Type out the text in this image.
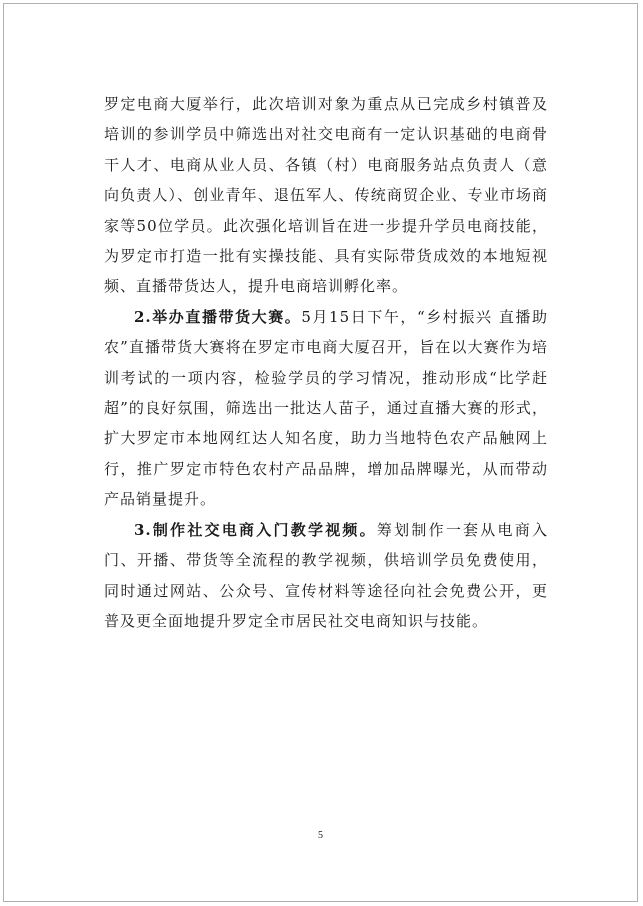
罗定电商大厦举行，此次培训对象为重点从已完成乡村镇普及培训的参训学员中筛选出对社交电商有一定认识基础的电商骨干人才、电商从业人员、各镇（村）电商服务站点负责人（意向负责人）、创业青年、退伍军人、传统商贸企业、专业市场商家等50位学员。此次强化培训旨在进一步提升学员电商技能，为罗定市打造一批有实操技能、具有实际带货成效的本地短视频、直播带货达人，提升电商培训孵化率。

2.举办直播带货大赛。5月15日下午，“乡村振兴 直播助农”直播带货大赛将在罗定市电商大厦召开，旨在以大赛作为培训考试的一项内容，检验学员的学习情况，推动形成“比学赶超”的良好氛围，筛选出一批达人苗子，通过直播大赛的形式，扩大罗定市本地网红达人知名度，助力当地特色农产品触网上行，推广罗定市特色农村产品品牌，增加品牌曝光，从而带动产品销量提升。

3.制作社交电商入门教学视频。筹划制作一套从电商入门、开播、带货等全流程的教学视频，供培训学员免费使用，同时通过网站、公众号、宣传材料等途径向社会免费公开，更普及更全面地提升罗定全市居民社交电商知识与技能。

5
